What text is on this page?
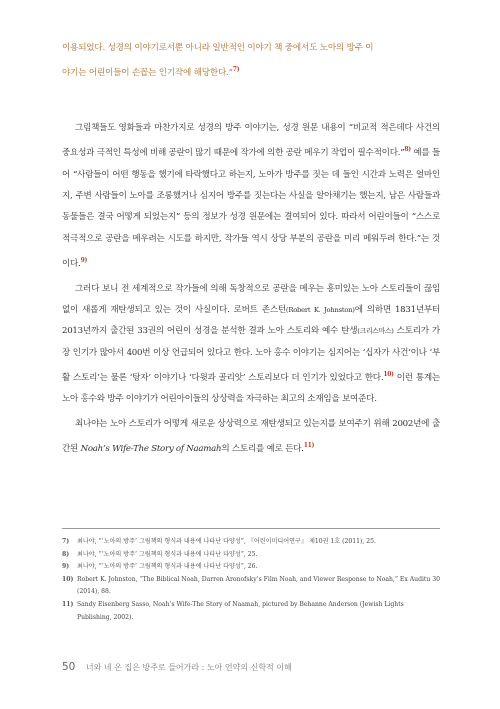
이용되었다. 성경의 이야기로서뿐 아니라 일반적인 이야기 책 중에서도 노아의 방주 이

야기는 어린이들이 손꼽는 인기작에 해당한다.”$^{7)}$

그림책들도 영화들과 마찬가지로 성경의 방주 이야기는, 성경 원문 내용이 “비교적 적은데다 사건의 중요성과 극적인 특성에 비해 공란이 많기 때문에 작가에 의한 공란 메우기 작업이 필수적이다.”$^{8)}$ 예를 들어 “사람들이 어떤 행동을 했기에 타락했다고 하는지, 노아가 방주를 짓는 데 들인 시간과 노력은 얼마인지, 주변 사람들이 노아를 조롱했거나 심지어 방주를 짓는다는 사실을 알아채기는 했는지, 남은 사람들과 동물들은 결국 어떻게 되었는지” 등의 정보가 성경 원문에는 결여되어 있다. 따라서 어린이들이 “스스로 적극적으로 공란을 메우려는 시도를 하지만, 작가들 역시 상당 부분의 공란을 미리 메워두려 한다.”는 것이다.$^{9)}$

그러다 보니 전 세계적으로 작가들에 의해 독창적으로 공란을 메우는 흥미있는 노아 스토리들이 끊임없이 새롭게 재탄생되고 있는 것이 사실이다. 로버트 존스턴(Robert K. Johnston)에 의하면 1831년부터 2013년까지 출간된 33권의 어린이 성경을 분석한 결과 노아 스토리와 예수 탄생(크리스마스) 스토리가 가장 인기가 많아서 400번 이상 언급되어 있다고 한다. 노아 홍수 이야기는 심지어는 ‘십자가 사건’이나 ‘부활 스토리’는 물론 ‘탕자’ 이야기나 ‘다윗과 골리앗’ 스토리보다 더 인기가 있었다고 한다.$^{10)}$ 이런 통계는 노아 홍수와 방주 이야기가 어린아이들의 상상력을 자극하는 최고의 소재임을 보여준다.

최나야는 노아 스토리가 어떻게 새로운 상상력으로 재탄생되고 있는지를 보여주기 위해 2002년에 출간된 Noah’s Wife-The Story of Naamah의 스토리를 예로 든다.$^{11)}$

7)	최나야, “‘노아의 방주’ 그림책의 형식과 내용에 나타난 다양성”, 『어린이미디어연구』 제10권 1호 (2011), 25.
8)	최나야, “‘노아의 방주’ 그림책의 형식과 내용에 나타난 다양성”, 25.
9)	최나야, “‘노아의 방주’ 그림책의 형식과 내용에 나타난 다양성”, 26.
10) Robert K. Johnston, “The Biblical Noah, Darren Aronofsky’s Film Noah, and Viewer Response to Noah,” Ex Auditu 30 (2014), 88.
11) Sandy Eisenberg Sasso, Noah’s Wife-The Story of Naamah, pictured by Behanne Anderson (Jewish Lights Publishing, 2002).
50 너와 네 온 집은 방주로 들어가라 : 노아 언약의 신학적 이해
